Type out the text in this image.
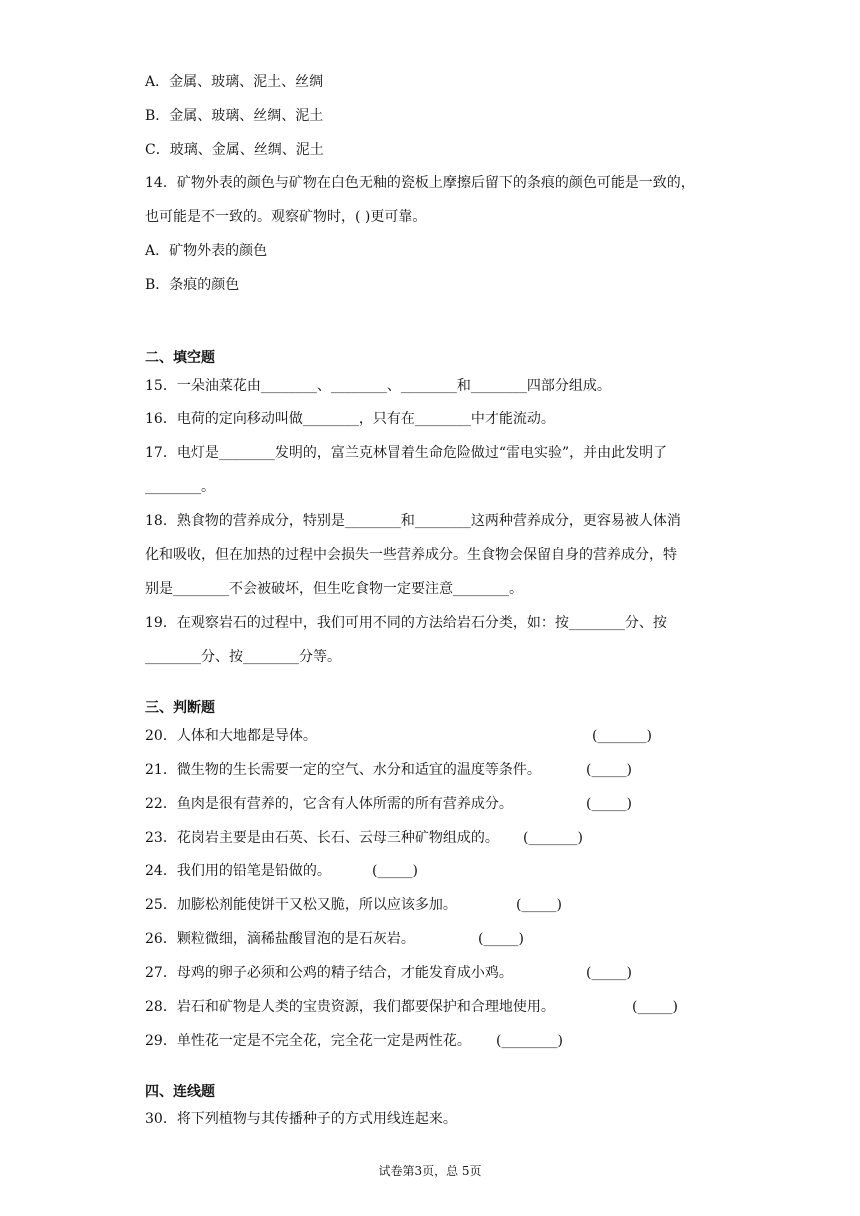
A．金属、玻璃、泥土、丝绸
B．金属、玻璃、丝绸、泥土
C．玻璃、金属、丝绸、泥土
14．矿物外表的颜色与矿物在白色无釉的瓷板上摩擦后留下的条痕的颜色可能是一致的，
也可能是不一致的。观察矿物时，( )更可靠。
A．矿物外表的颜色
B．条痕的颜色
二、填空题
15．一朵油菜花由________、________、________和________四部分组成。
16．电荷的定向移动叫做________，只有在________中才能流动。
17．电灯是________发明的，富兰克林冒着生命危险做过“雷电实验”，并由此发明了
________。
18．熟食物的营养成分，特别是________和________这两种营养成分，更容易被人体消
化和吸收，但在加热的过程中会损失一些营养成分。生食物会保留自身的营养成分，特
别是________不会被破坏，但生吃食物一定要注意________。
19．在观察岩石的过程中，我们可用不同的方法给岩石分类，如：按________分、按
________分、按________分等。
三、判断题
20．人体和大地都是导体。	(_______)
21．微生物的生长需要一定的空气、水分和适宜的温度等条件。	(_____)
22．鱼肉是很有营养的，它含有人体所需的所有营养成分。	(_____)
23．花岗岩主要是由石英、长石、云母三种矿物组成的。 (_______)
24．我们用的铅笔是铅做的。	(_____)
25．加膨松剂能使饼干又松又脆，所以应该多加。	(_____)
26．颗粒微细，滴稀盐酸冒泡的是石灰岩。	(_____)
27．母鸡的卵子必须和公鸡的精子结合，才能发育成小鸡。	(_____)
28．岩石和矿物是人类的宝贵资源，我们都要保护和合理地使用。	(_____)
29．单性花一定是不完全花，完全花一定是两性花。 (________)
四、连线题
30．将下列植物与其传播种子的方式用线连起来。
试卷第3页，总 5页
